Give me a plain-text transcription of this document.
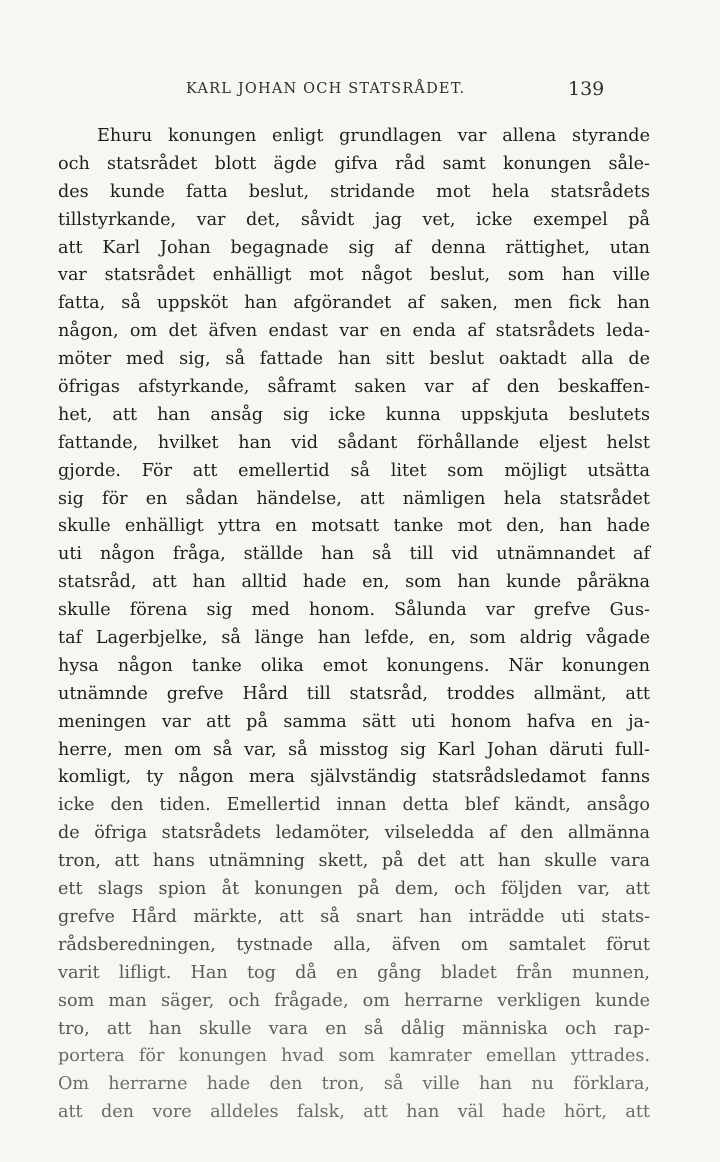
KARL JOHAN OCH STATSRÅDET.	139
Ehuru konungen enligt grundlagen var allena styrande
och statsrådet blott ägde gifva råd samt konungen såle-
des kunde fatta beslut, stridande mot hela statsrådets
tillstyrkande, var det, såvidt jag vet, icke exempel på
att Karl Johan begagnade sig af denna rättighet, utan
var statsrådet enhälligt mot något beslut, som han ville
fatta, så uppsköt han afgörandet af saken, men fick han
någon, om det äfven endast var en enda af statsrådets leda-
möter med sig, så fattade han sitt beslut oaktadt alla de
öfrigas afstyrkande, såframt saken var af den beskaffen-
het, att han ansåg sig icke kunna uppskjuta beslutets
fattande, hvilket han vid sådant förhållande eljest helst
gjorde. För att emellertid så litet som möjligt utsätta
sig för en sådan händelse, att nämligen hela statsrådet
skulle enhälligt yttra en motsatt tanke mot den, han hade
uti någon fråga, ställde han så till vid utnämnandet af
statsråd, att han alltid hade en, som han kunde påräkna
skulle förena sig med honom. Sålunda var grefve Gus-
taf Lagerbjelke, så länge han lefde, en, som aldrig vågade
hysa någon tanke olika emot konungens. När konungen
utnämnde grefve Hård till statsråd, troddes allmänt, att
meningen var att på samma sätt uti honom hafva en ja-
herre, men om så var, så misstog sig Karl Johan däruti full-
komligt, ty någon mera självständig statsrådsledamot fanns
icke den tiden. Emellertid innan detta blef kändt, ansågo
de öfriga statsrådets ledamöter, vilseledda af den allmänna
tron, att hans utnämning skett, på det att han skulle vara
ett slags spion åt konungen på dem, och följden var, att
grefve Hård märkte, att så snart han inträdde uti stats-
rådsberedningen, tystnade alla, äfven om samtalet förut
varit lifligt. Han tog då en gång bladet från munnen,
som man säger, och frågade, om herrarne verkligen kunde
tro, att han skulle vara en så dålig människa och rap-
portera för konungen hvad som kamrater emellan yttrades.
Om herrarne hade den tron, så ville han nu förklara,
att den vore alldeles falsk, att han väl hade hört, att
